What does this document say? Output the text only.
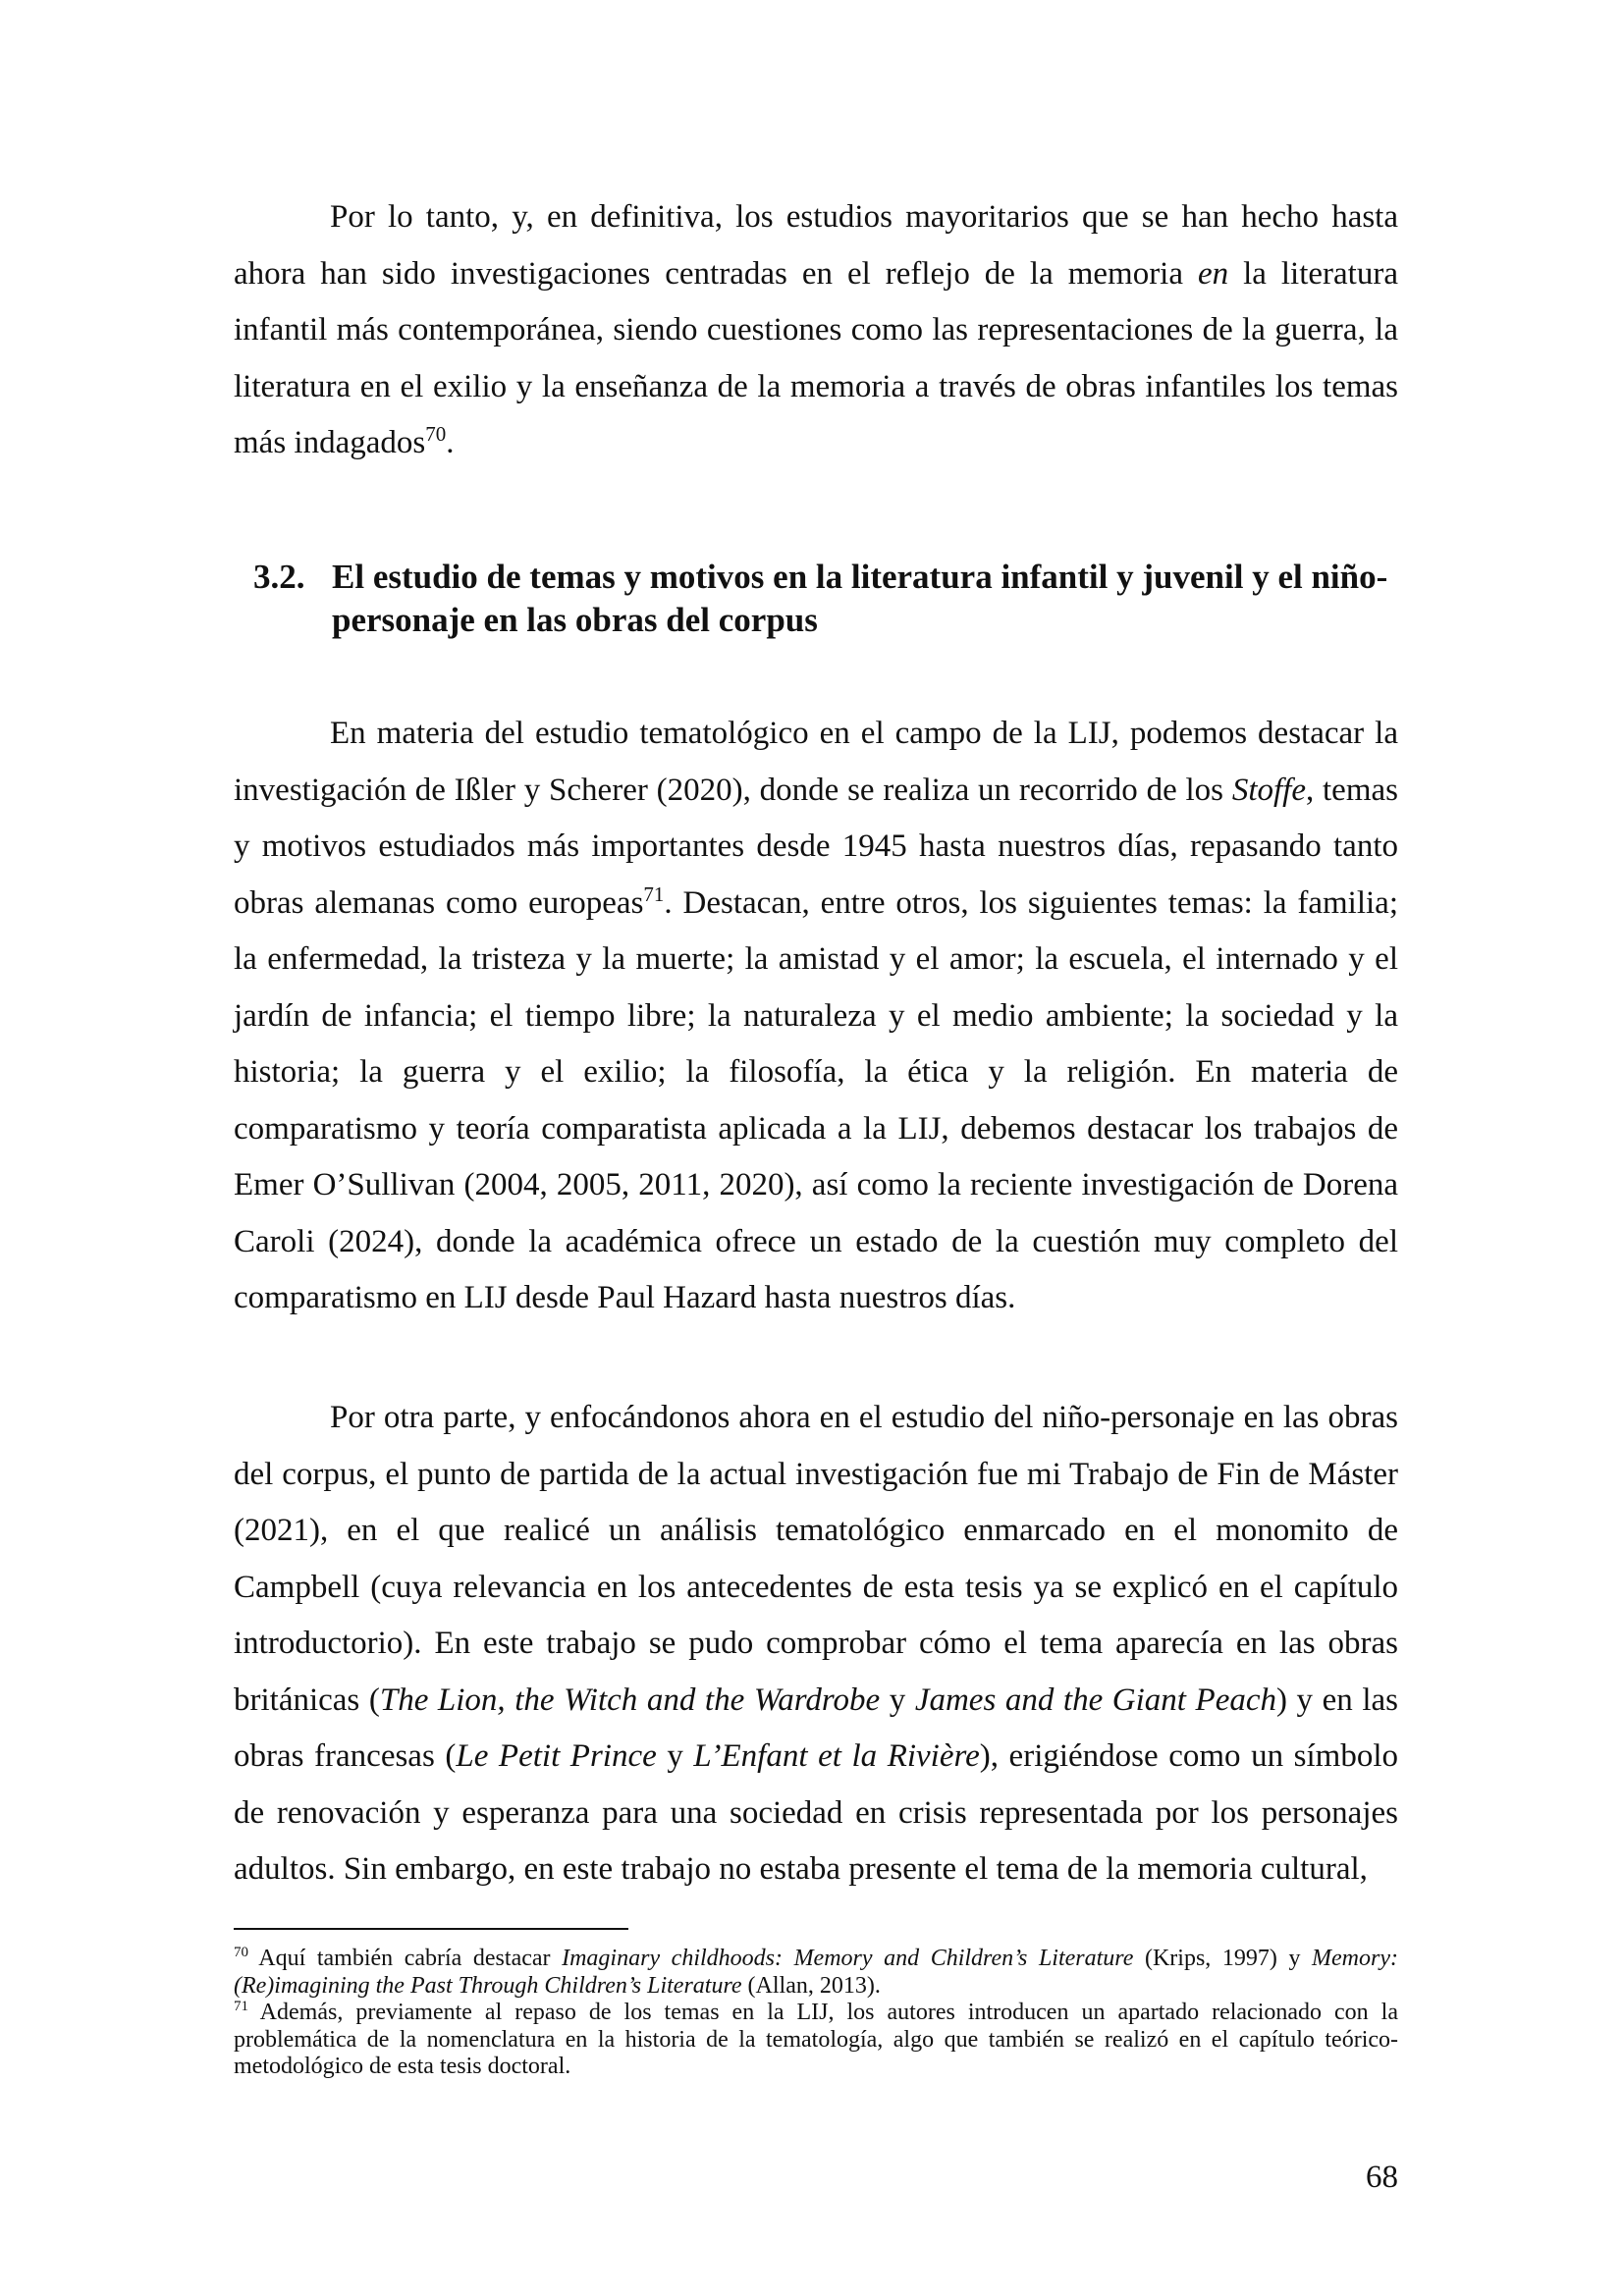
Por lo tanto, y, en definitiva, los estudios mayoritarios que se han hecho hasta ahora han sido investigaciones centradas en el reflejo de la memoria en la literatura infantil más contemporánea, siendo cuestiones como las representaciones de la guerra, la literatura en el exilio y la enseñanza de la memoria a través de obras infantiles los temas más indagados$^{70}$.

3.2. El estudio de temas y motivos en la literatura infantil y juvenil y el niño-personaje en las obras del corpus

En materia del estudio tematológico en el campo de la LIJ, podemos destacar la investigación de Ißler y Scherer (2020), donde se realiza un recorrido de los Stoffe, temas y motivos estudiados más importantes desde 1945 hasta nuestros días, repasando tanto obras alemanas como europeas$^{71}$. Destacan, entre otros, los siguientes temas: la familia; la enfermedad, la tristeza y la muerte; la amistad y el amor; la escuela, el internado y el jardín de infancia; el tiempo libre; la naturaleza y el medio ambiente; la sociedad y la historia; la guerra y el exilio; la filosofía, la ética y la religión. En materia de comparatismo y teoría comparatista aplicada a la LIJ, debemos destacar los trabajos de Emer O’Sullivan (2004, 2005, 2011, 2020), así como la reciente investigación de Dorena Caroli (2024), donde la académica ofrece un estado de la cuestión muy completo del comparatismo en LIJ desde Paul Hazard hasta nuestros días.

Por otra parte, y enfocándonos ahora en el estudio del niño-personaje en las obras del corpus, el punto de partida de la actual investigación fue mi Trabajo de Fin de Máster (2021), en el que realicé un análisis tematológico enmarcado en el monomito de Campbell (cuya relevancia en los antecedentes de esta tesis ya se explicó en el capítulo introductorio). En este trabajo se pudo comprobar cómo el tema aparecía en las obras británicas (The Lion, the Witch and the Wardrobe y James and the Giant Peach) y en las obras francesas (Le Petit Prince y L’Enfant et la Rivière), erigiéndose como un símbolo de renovación y esperanza para una sociedad en crisis representada por los personajes adultos. Sin embargo, en este trabajo no estaba presente el tema de la memoria cultural,

$^{70}$ Aquí también cabría destacar Imaginary childhoods: Memory and Children’s Literature (Krips, 1997) y Memory: (Re)imagining the Past Through Children’s Literature (Allan, 2013).

$^{71}$ Además, previamente al repaso de los temas en la LIJ, los autores introducen un apartado relacionado con la problemática de la nomenclatura en la historia de la tematología, algo que también se realizó en el capítulo teórico-metodológico de esta tesis doctoral.

68
